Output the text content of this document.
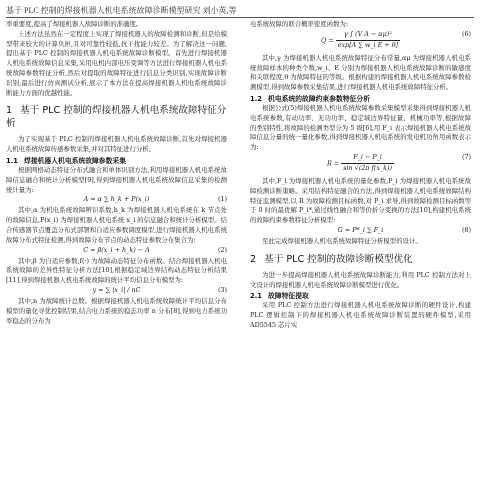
基于 PLC 控制的焊接机器人机电系统故障诊断模型研究 刘小英,等

率重要度,提高了焊接机器人故障诊断的准确度。

上述方法虽然在一定程度上实现了焊接机器人的故障检测和诊断,但是给模型带来较大的计算负担,且对可靠性较低,抗干扰能力较差。为了解决这一问题,提出基于 PLC 控制的焊接机器人机电系统故障诊断模型。首先进行焊接机器人机电系统故障信息采集,采用电机内部电压变调等方法进行焊接机器人机电系统故障参数特征分析,然后对提取的故障特征进行信息分类识别,实现故障诊断识别,最后进行仿真测试分析,展示了本方法在提高焊接机器人机电系统故障诊断能力方面的优越性能。

1 基于 PLC 控制的焊接机器人机电系统故障特征分析

为了实现基于 PLC 控制的焊接机器人机电系统故障诊断,首先对焊接机器人机电系统故障传感参数采集,并对其特征进行分析。

1.1 焊接机器人机电系统故障参数采集

根据网格动态特征分布式融合和单体识别方法,利用焊接机器人机电系统故障信息融合和统计分析模型[9],得到焊接机器人机电系统故障信息采集的检测统计量为:

A = α ∑ h_k + P(x_i)	(1)

其中,α 为机电系统故障辨识系数,h_k 为焊接机器人机电系统在 k 节点处的故障信息,P(x_i) 为焊接机器人机电系统 x_i 的信息融合和统计分析模型。结合传感器节点覆盖分布式部署和自适应参数调度模型,进行焊接机器人机电系统故障分布式特征检测,得到故障分布节点的动态特征参数分布集合为:

C = β(x_i + h_k) − A	(2)

其中,β 为自适应参数,f(·) 为故障动态特征分布函数。结合焊接机器人机电系统故障的差异性特征分析方法[10],根据稳定域边界结构动态特征分析结果[11],得到焊接机器人机电系统故障的统计平均信息分布模型为:

y = ∑ |x_i| / nC	(3)

其中,n 为故障统计总数。根据焊接机器人机电系统故障统计平均信息分布模型的量化寻优控制结果,结合电力系统的稳态功率 n 分布[8],得到电力系统功率稳态的分布为

电系统故障的联合概率密度函数为:

$Q = \frac{\text{γ ∫ (V A − αμ)²}}{\text{exp[A ∑ w\_i E + θ]}}$	(6)

其中,γ 为焊接机器人机电系统故障特征分布常量,αμ 为焊接机器人机电系统故障样本的种类个数,w_i、E 分别为焊接机器人机电系统故障诊断的敏感度和关联程度,θ 为故障特征的等级。根据构建的焊接机器人机电系统故障参数检测模型,得到故障参数采集结果,进行焊接机器人机电系统故障特征分析。

1.2 机电系统的故障约束参数特征分析

根据公式(5)焊接机器人机电系统故障参数采集模型采集得到焊接机器人机电系统参数,有动功率、无功功率、稳定域边界特征量、机械功率等,根据故障的类别特性,将故障的检测类型分为 5 级[6],用 F_i 表示焊接机器人机电系统故障信息分量的统一量化参数,得到焊接机器人机电系统的发电机功角用函数表示为:

$R = \frac{F\_i - P\_i}{\text{sin √(2π f(x\_k))}}$	(7)

其中,F_i 为焊接机器人机电系统的量化参数,P_i 为焊接机器人机电系统故障检测诊断策略。采用结构特征融合的方法,得到焊接机器人机电系统故障结构特征监测模型,以 R 为故障检测目标函数,对 P_i 求导,得到故障检测目标函数等于 0 时的最优解 P_i*,通过线性融合和等价折分变换的方法[10],构建机电系统的故障约束参数特征分析模型:

G = P*_i ∑ F_i	(8)

至此完成焊接机器人机电系统故障特征分析模型的设计。

2 基于 PLC 控制的故障诊断模型优化

为进一步提高焊接机器人机电系统故障诊断能力,利用 PLC 控制方法对上文设计的焊接机器人机电系统故障诊断模型进行优化。

2.1 故障特征提取

采用 PLC 控制方法进行焊接机器人机电系统故障诊断的硬件设计,构建 PLC 逻辑控制下的焊接机器人机电系统故障诊断装置的硬件模型,采用 AD5545 芯片实
